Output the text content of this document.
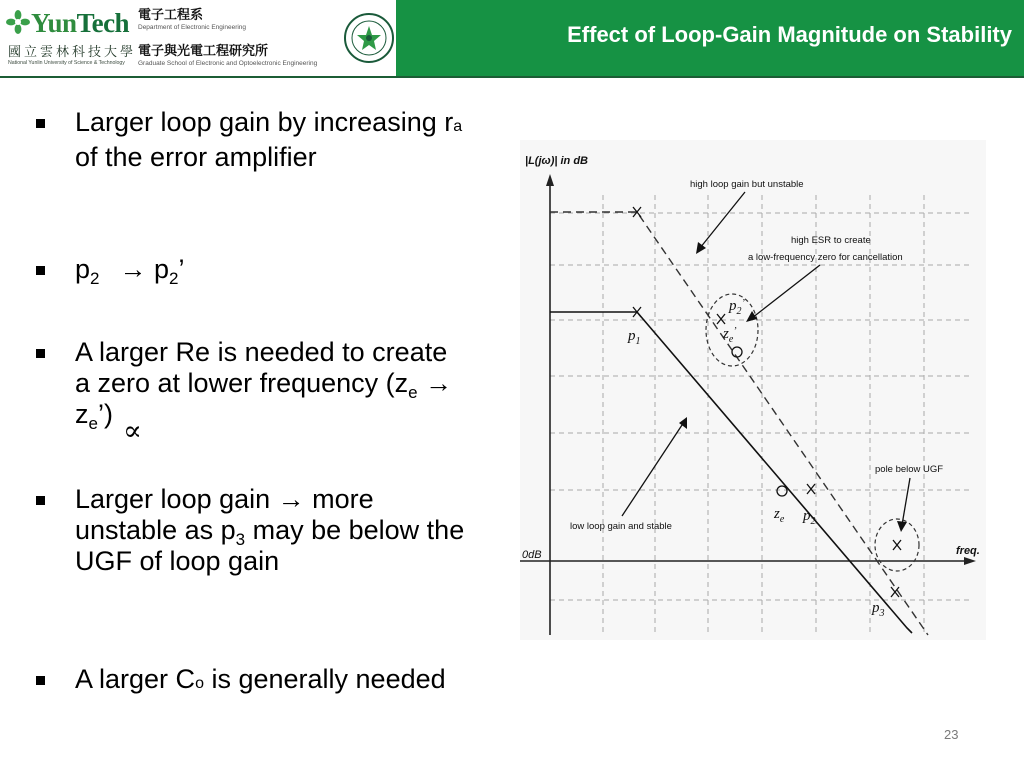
YunTech
國立雲林科技大學
National Yunlin University of Science & Technology
電子工程系
Department of Electronic Engineering
電子與光電工程研究所
Graduate School of Electronic and Optoelectronic Engineering
Effect of Loop-Gain Magnitude on Stability
Larger loop gain by increasing ra of the error amplifier
$p_2 \to p_2$’
A larger Re is needed to create a zero at lower frequency ($z_e$ → $z_e$’)
Larger loop gain → more unstable as $p_3$ may be below the UGF of loop gain
A larger Co is generally needed
∝
|L(jω)| in dB
freq.
0dB
$p_1$
$p_2$
$p_3$
$z_e$
$p_2^’$
$z_e^’$
high loop gain but unstable
high ESR to create
a low-frequency zero for cancellation
pole below UGF
low loop gain and stable
23
